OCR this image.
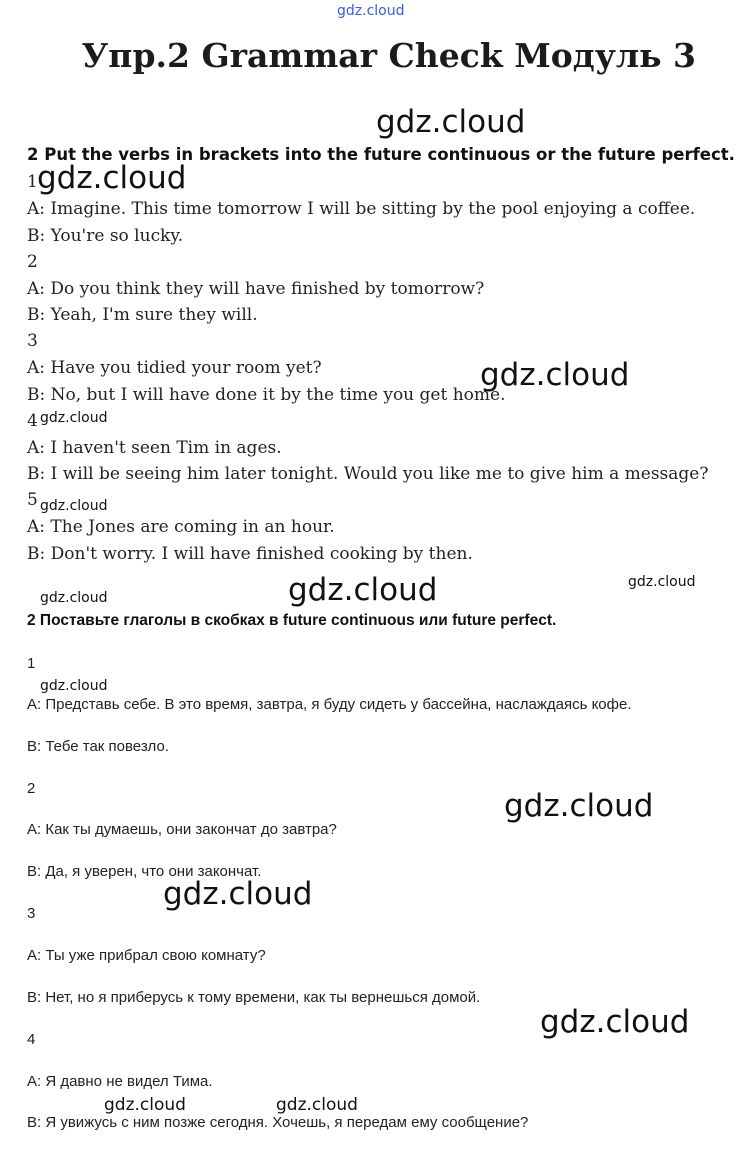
gdz.cloud
gdz.cloud
gdz.cloud
gdz.cloud
gdz.cloud
gdz.cloud
gdz.cloud
gdz.cloud
gdz.cloud
gdz.cloud
gdz.cloud
gdz.cloud
gdz.cloud
gdz.cloud	gdz.cloud
Упр.2 Grammar Check Модуль 3
2 Put the verbs in brackets into the future continuous or the future perfect.
1
A: Imagine. This time tomorrow I will be sitting by the pool enjoying a coffee.
B: You're so lucky.
2
A: Do you think they will have finished by tomorrow?
B: Yeah, I'm sure they will.
3
A: Have you tidied your room yet?
B: No, but I will have done it by the time you get home.
4
A: I haven't seen Tim in ages.
B: I will be seeing him later tonight. Would you like me to give him a message?
5
A: The Jones are coming in an hour.
B: Don't worry. I will have finished cooking by then.
2 Поставьте глаголы в скобках в future continuous или future perfect.
1
A: Представь себе. В это время, завтра, я буду сидеть у бассейна, наслаждаясь кофе.
B: Тебе так повезло.
2
A: Как ты думаешь, они закончат до завтра?
B: Да, я уверен, что они закончат.
3
A: Ты уже прибрал свою комнату?
B: Нет, но я приберусь к тому времени, как ты вернешься домой.
4
A: Я давно не видел Тима.
B: Я увижусь с ним позже сегодня. Хочешь, я передам ему сообщение?
